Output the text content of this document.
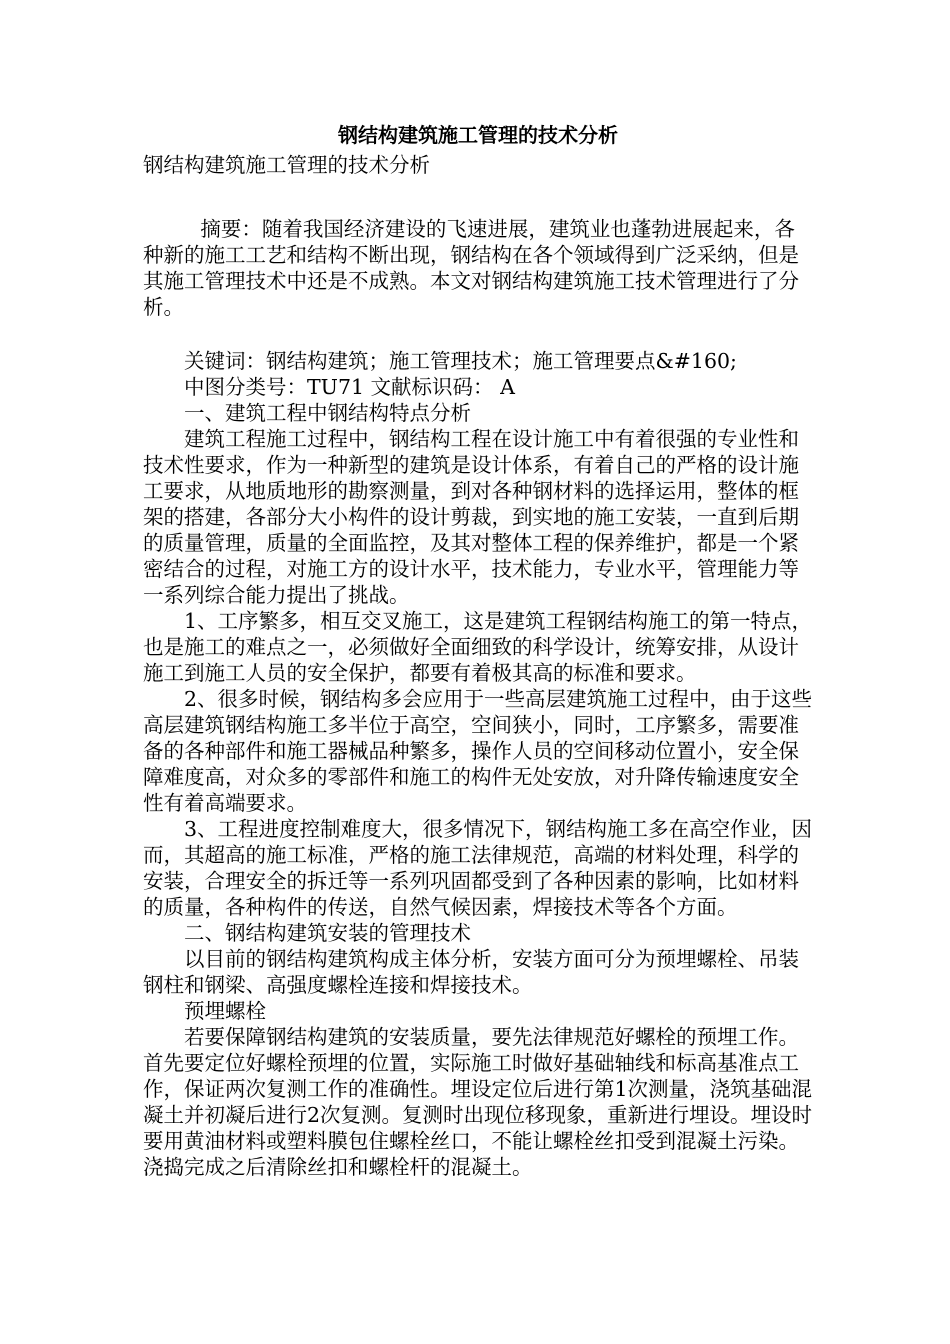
钢结构建筑施工管理的技术分析

钢结构建筑施工管理的技术分析

摘要：随着我国经济建设的飞速进展，建筑业也蓬勃进展起来，各种新的施工工艺和结构不断出现，钢结构在各个领域得到广泛采纳，但是其施工管理技术中还是不成熟。本文对钢结构建筑施工技术管理进行了分析。

关键词：钢结构建筑；施工管理技术；施工管理要点&#160;

中图分类号：TU71 文献标识码： A

一、建筑工程中钢结构特点分析

建筑工程施工过程中，钢结构工程在设计施工中有着很强的专业性和技术性要求，作为一种新型的建筑是设计体系，有着自己的严格的设计施工要求，从地质地形的勘察测量，到对各种钢材料的选择运用，整体的框架的搭建，各部分大小构件的设计剪裁，到实地的施工安装，一直到后期的质量管理，质量的全面监控，及其对整体工程的保养维护，都是一个紧密结合的过程，对施工方的设计水平，技术能力，专业水平，管理能力等一系列综合能力提出了挑战。

1、工序繁多，相互交叉施工，这是建筑工程钢结构施工的第一特点，也是施工的难点之一，必须做好全面细致的科学设计，统筹安排，从设计施工到施工人员的安全保护，都要有着极其高的标准和要求。

2、很多时候，钢结构多会应用于一些高层建筑施工过程中，由于这些高层建筑钢结构施工多半位于高空，空间狭小，同时，工序繁多，需要准备的各种部件和施工器械品种繁多，操作人员的空间移动位置小，安全保障难度高，对众多的零部件和施工的构件无处安放，对升降传输速度安全性有着高端要求。

3、工程进度控制难度大，很多情况下，钢结构施工多在高空作业，因而，其超高的施工标准，严格的施工法律规范，高端的材料处理，科学的安装，合理安全的拆迁等一系列巩固都受到了各种因素的影响，比如材料的质量，各种构件的传送，自然气候因素，焊接技术等各个方面。

二、钢结构建筑安装的管理技术

以目前的钢结构建筑构成主体分析，安装方面可分为预埋螺栓、吊装钢柱和钢梁、高强度螺栓连接和焊接技术。

预埋螺栓

若要保障钢结构建筑的安装质量，要先法律规范好螺栓的预埋工作。首先要定位好螺栓预埋的位置，实际施工时做好基础轴线和标高基准点工作，保证两次复测工作的准确性。埋设定位后进行第1次测量，浇筑基础混凝土并初凝后进行2次复测。复测时出现位移现象，重新进行埋设。埋设时要用黄油材料或塑料膜包住螺栓丝口，不能让螺栓丝扣受到混凝土污染。浇捣完成之后清除丝扣和螺栓杆的混凝土。
